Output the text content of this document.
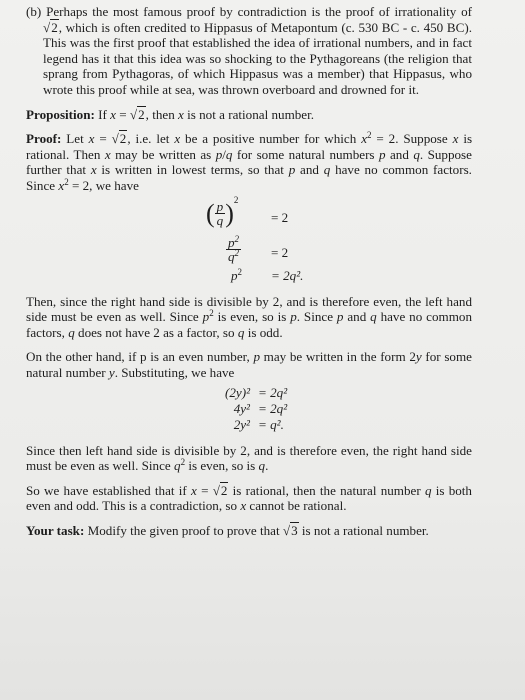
(b) Perhaps the most famous proof by contradiction is the proof of irrationality of √2, which is often credited to Hippasus of Metapontum (c. 530 BC - c. 450 BC). This was the first proof that established the idea of irrational numbers, and in fact legend has it that this idea was so shocking to the Pythagoreans (the religion that sprang from Pythagoras, of which Hippasus was a member) that Hippasus, who wrote this proof while at sea, was thrown overboard and drowned for it.

Proposition: If x = √2, then x is not a rational number.

Proof: Let x = √2, i.e. let x be a positive number for which $x^2 = 2$. Suppose x is rational. Then x may be written as p/q for some natural numbers p and q. Suppose further that x is written in lowest terms, so that p and q have no common factors. Since $x^2 = 2$, we have
( $\frac{p}{q} )^2$
= 2
$\frac{p^2}{q^2} = 2$
$p^2 = 2q^2$.
Then, since the right hand side is divisible by 2, and is therefore even, the left hand side must be even as well. Since $p^2$ is even, so is p. Since p and q have no common factors, q does not have 2 as a factor, so q is odd.
On the other hand, if p is an even number, p may be written in the form 2y for some natural number y. Substituting, we have
(2y)² = 2q²
4y² = 2q²
2y² = q².
Since then left hand side is divisible by 2, and is therefore even, the right hand side must be even as well. Since $q^2$ is even, so is q.
So we have established that if x = √2 is rational, then the natural number q is both even and odd. This is a contradiction, so x cannot be rational.

Your task: Modify the given proof to prove that √3 is not a rational number.
